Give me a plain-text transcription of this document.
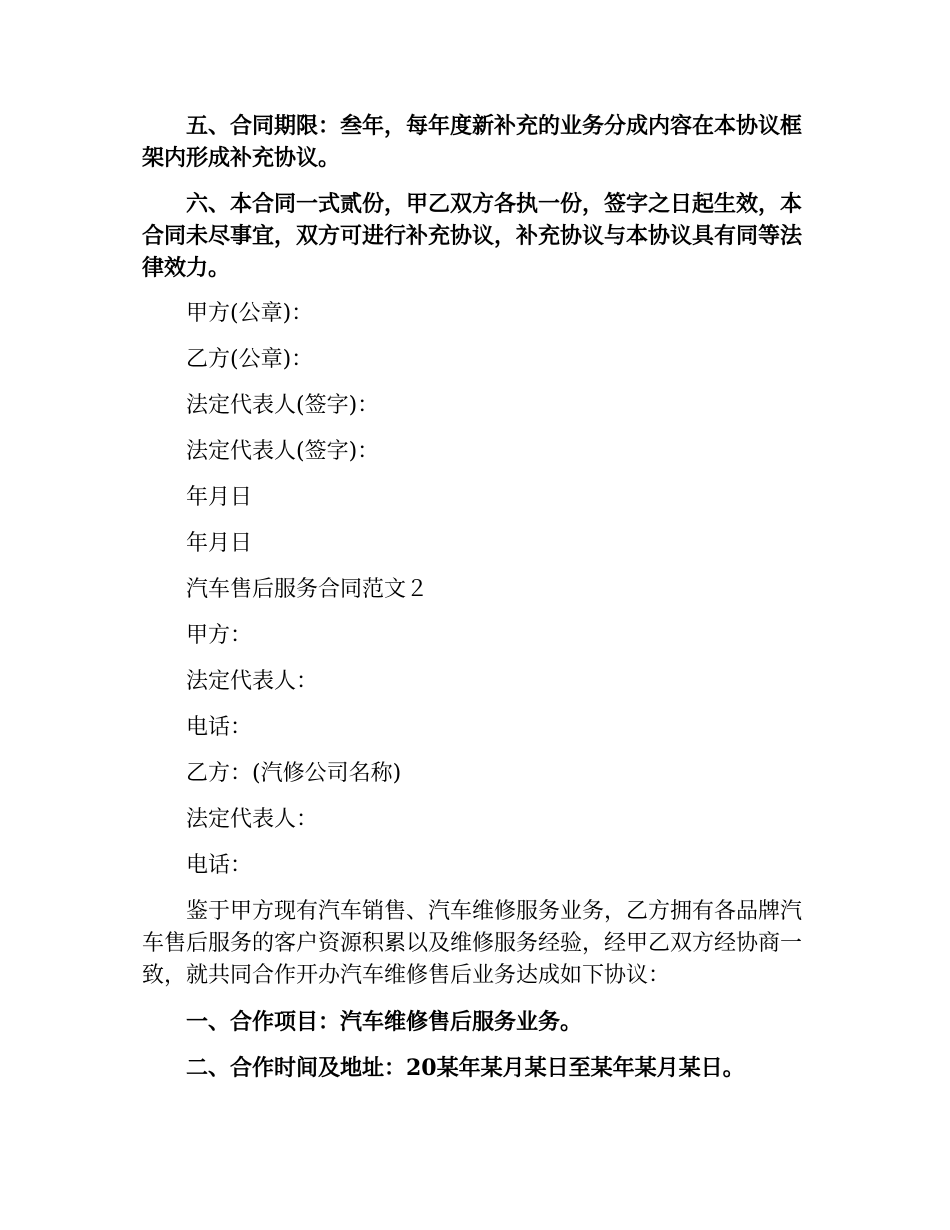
五、合同期限：叁年，每年度新补充的业务分成内容在本协议框架内形成补充协议。

六、本合同一式贰份，甲乙双方各执一份，签字之日起生效，本合同未尽事宜，双方可进行补充协议，补充协议与本协议具有同等法律效力。

甲方(公章)：

乙方(公章)：

法定代表人(签字)：

法定代表人(签字)：

年月日

年月日

汽车售后服务合同范文２

甲方：

法定代表人：

电话：

乙方：(汽修公司名称)

法定代表人：

电话：

鉴于甲方现有汽车销售、汽车维修服务业务，乙方拥有各品牌汽车售后服务的客户资源积累以及维修服务经验，经甲乙双方经协商一致，就共同合作开办汽车维修售后业务达成如下协议：

一、合作项目：汽车维修售后服务业务。

二、合作时间及地址：20某年某月某日至某年某月某日。
